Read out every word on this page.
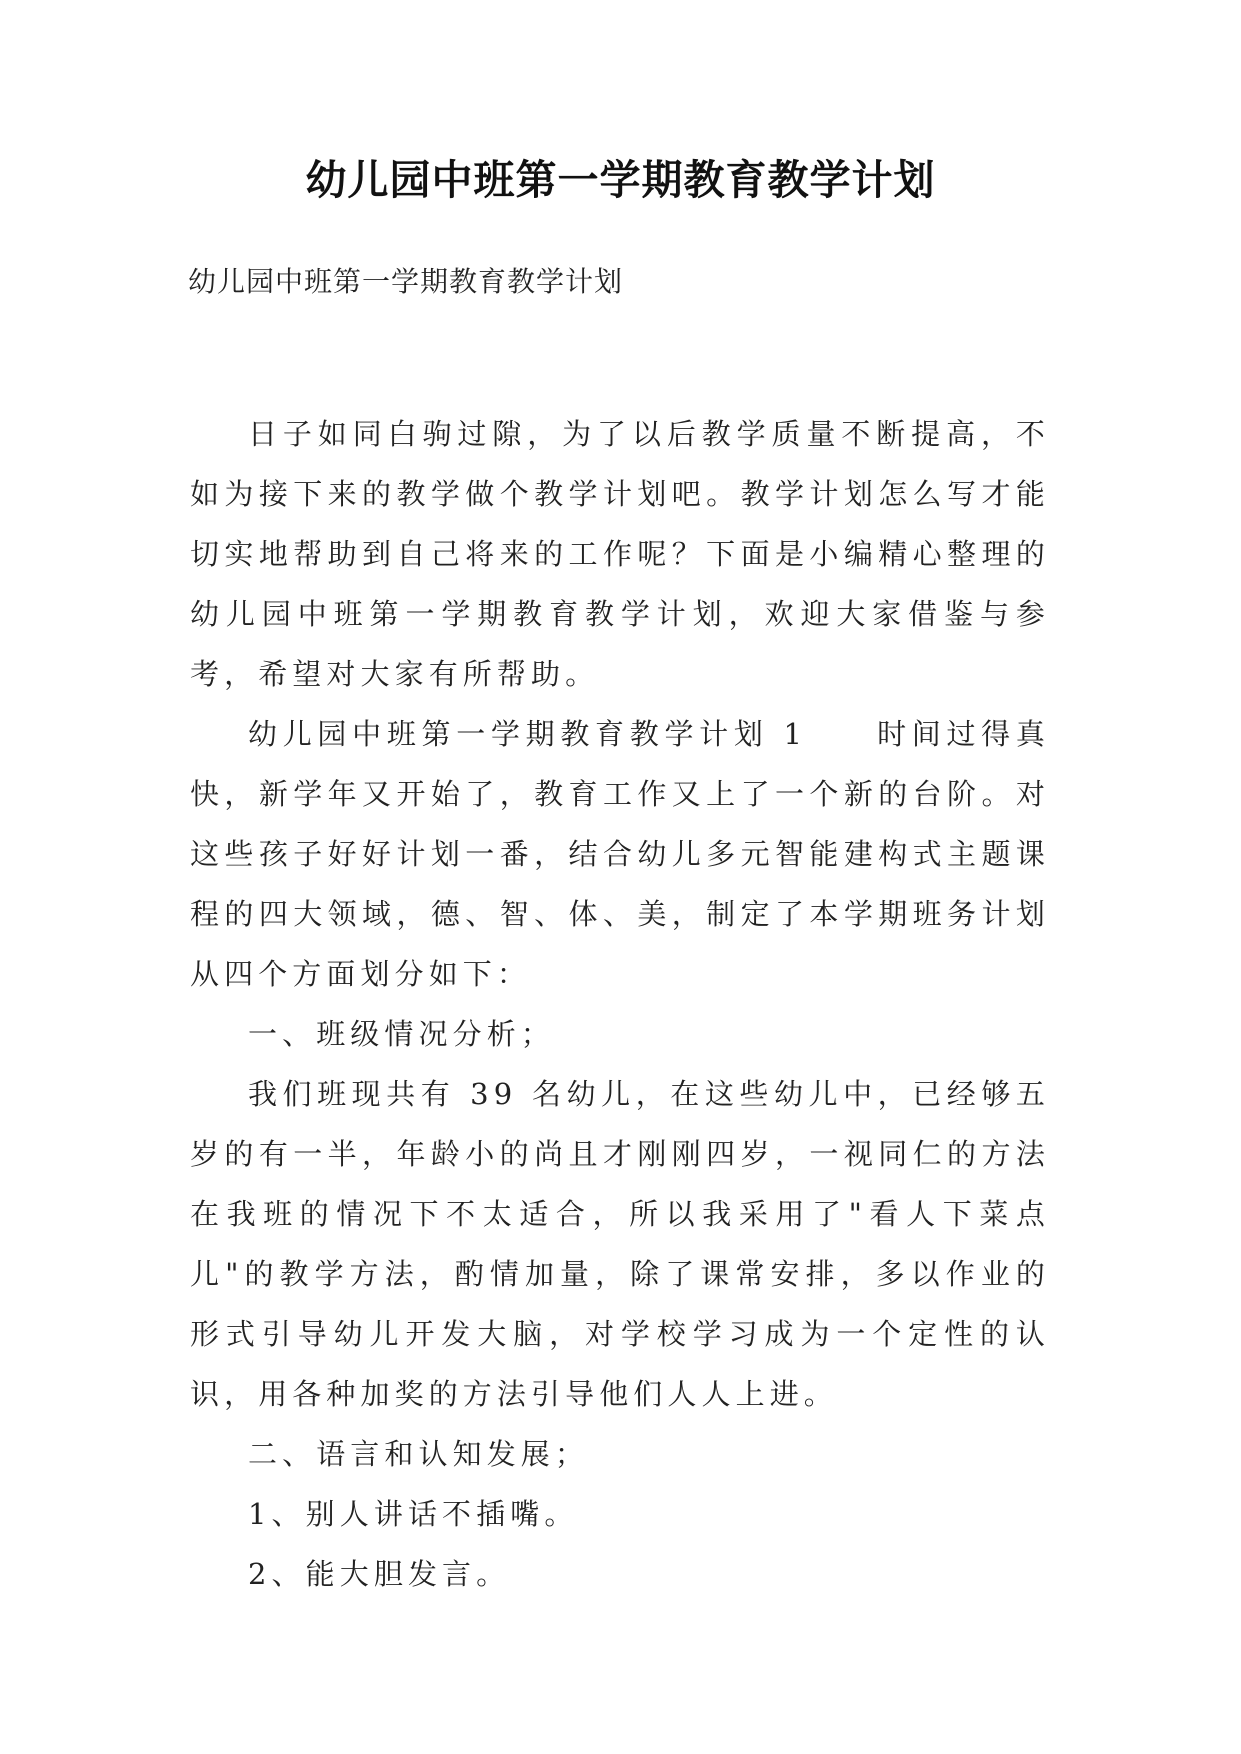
幼儿园中班第一学期教育教学计划

幼儿园中班第一学期教育教学计划

日子如同白驹过隙，为了以后教学质量不断提高，不如为接下来的教学做个教学计划吧。教学计划怎么写才能切实地帮助到自己将来的工作呢？下面是小编精心整理的幼儿园中班第一学期教育教学计划，欢迎大家借鉴与参考，希望对大家有所帮助。

幼儿园中班第一学期教育教学计划 1　　时间过得真快，新学年又开始了，教育工作又上了一个新的台阶。对这些孩子好好计划一番，结合幼儿多元智能建构式主题课程的四大领域，德、智、体、美，制定了本学期班务计划从四个方面划分如下：

一、班级情况分析；

我们班现共有 39 名幼儿，在这些幼儿中，已经够五岁的有一半，年龄小的尚且才刚刚四岁，一视同仁的方法在我班的情况下不太适合，所以我采用了"看人下菜点儿"的教学方法，酌情加量，除了课常安排，多以作业的形式引导幼儿开发大脑，对学校学习成为一个定性的认识，用各种加奖的方法引导他们人人上进。

二、语言和认知发展；

1、别人讲话不插嘴。

2、能大胆发言。
